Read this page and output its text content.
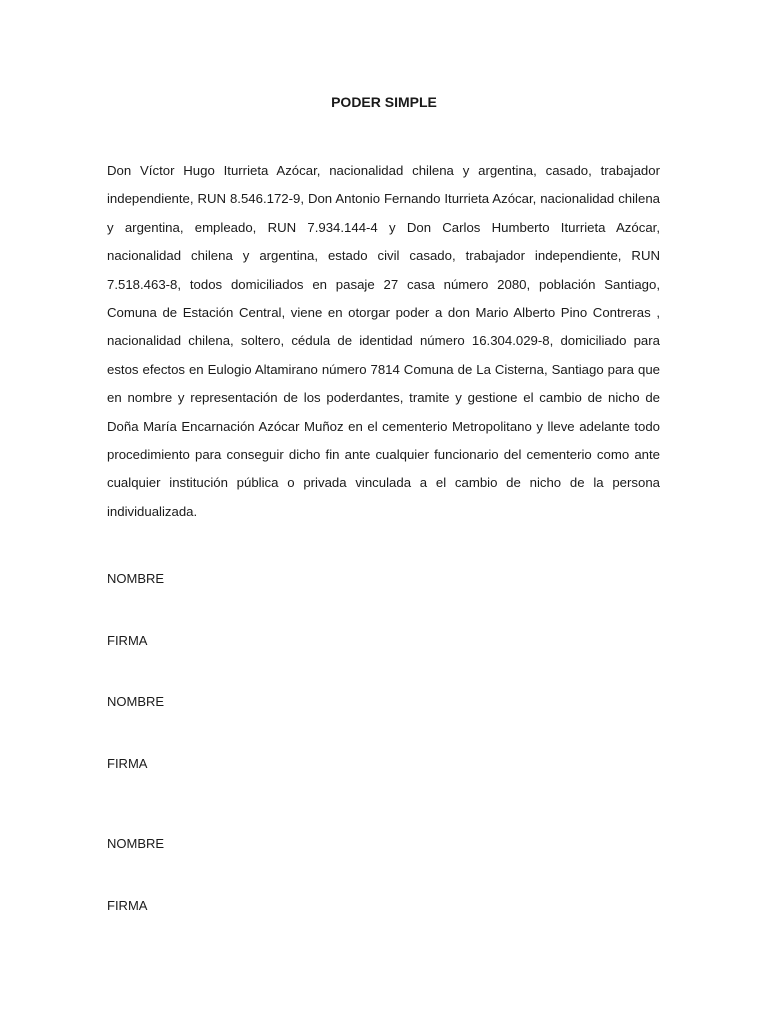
PODER SIMPLE

Don Víctor Hugo Iturrieta Azócar, nacionalidad chilena y argentina, casado, trabajador independiente, RUN 8.546.172-9, Don Antonio Fernando Iturrieta Azócar, nacionalidad chilena y argentina, empleado, RUN 7.934.144-4 y Don Carlos Humberto Iturrieta Azócar, nacionalidad chilena y argentina, estado civil casado, trabajador independiente, RUN 7.518.463-8, todos domiciliados en pasaje 27 casa número 2080, población Santiago, Comuna de Estación Central, viene en otorgar poder a don Mario Alberto Pino Contreras , nacionalidad chilena, soltero, cédula de identidad número 16.304.029-8, domiciliado para estos efectos en Eulogio Altamirano número 7814 Comuna de La Cisterna, Santiago para que en nombre y representación de los poderdantes, tramite y gestione el cambio de nicho de Doña María Encarnación Azócar Muñoz en el cementerio Metropolitano y lleve adelante todo procedimiento para conseguir dicho fin ante cualquier funcionario del cementerio como ante cualquier institución pública o privada vinculada a el cambio de nicho de la persona individualizada.

NOMBRE

FIRMA

NOMBRE

FIRMA

NOMBRE

FIRMA
